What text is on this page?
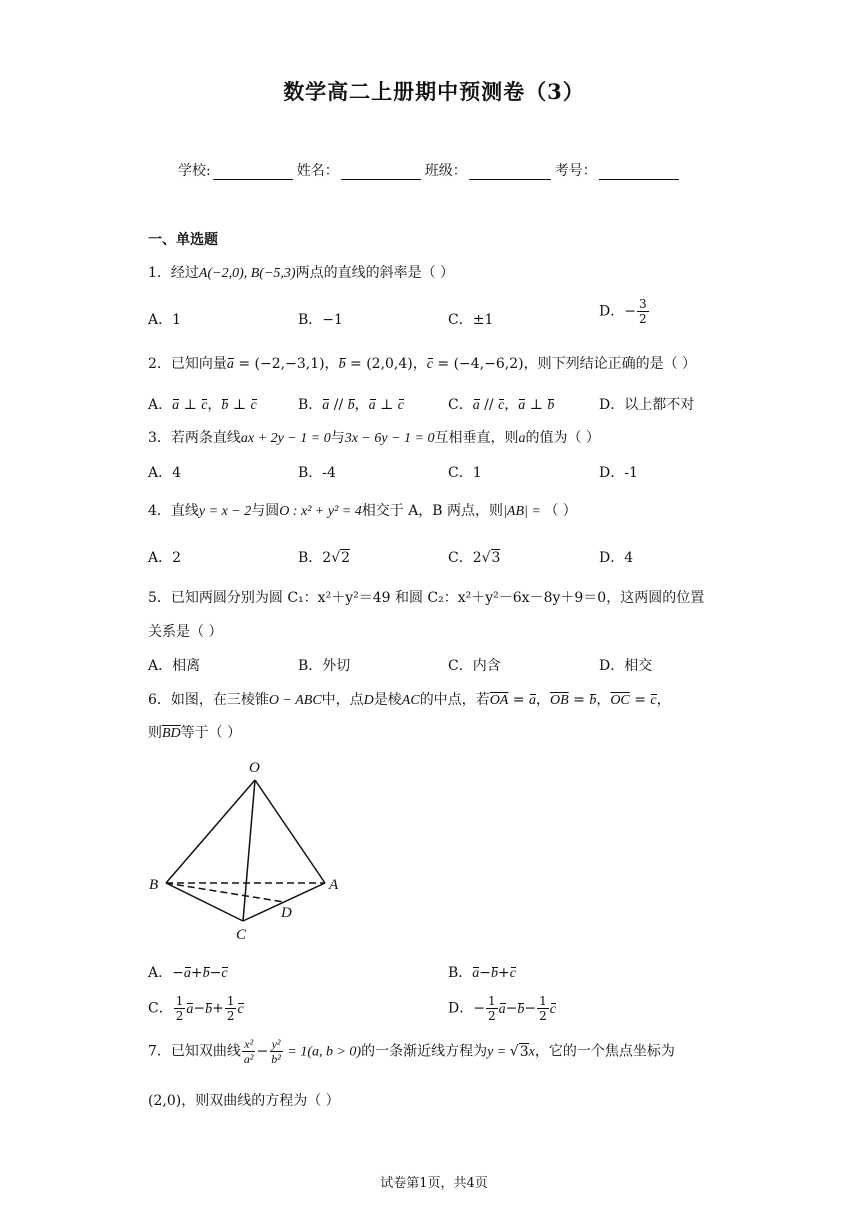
数学高二上册期中预测卷（3）
学校:	姓名：	班级：	考号：
一、单选题
1．经过A(−2,0), B(−5,3)两点的直线的斜率是（ ）
A．1	B．−1	C．±1
D．− $\frac{3}{2}$
2．已知向量a = (−2,−3,1)，b = (2,0,4)，c = (−4,−6,2)，则下列结论正确的是（ ）
A．a ⊥ c，b ⊥ c	B．a // b，a ⊥ c	C．a // c，a ⊥ b	D．以上都不对
3．若两条直线ax + 2y − 1 = 0与3x − 6y − 1 = 0互相垂直，则a的值为（ ）
A．4	B．-4	C．1	D．-1
4．直线y = x − 2与圆O : x² + y² = 4相交于 A，B 两点，则|AB| = （ ）
A．2	B．2√2	C．2√3	D．4
5．已知两圆分别为圆 C₁：x²＋y²＝49 和圆 C₂：x²＋y²－6x－8y＋9＝0，这两圆的位置
关系是（ ）
A．相离	B．外切	C．内含	D．相交
6．如图，在三棱锥O − ABC中，点D是棱AC的中点，若$\overline{OA} = a$，$\overline{OB} = b$，$\overline{OC} = c$，
则$\overline{BD}$等于（ ）
O
A
B
C
D
A．−a+b−c	B．a−b+c
C． $\frac{1}{2} a-b+ \frac{1}{2}$ c	D．− $\frac{1}{2} a-b- \frac{1}{2}$ c
7．已知双曲线 $\frac{\text{x²}}{\text{a²}} - \frac{\text{y²}}{\text{b²}} = 1(a$, b > 0)的一条渐近线方程为y = √3x，它的一个焦点坐标为
(2,0)，则双曲线的方程为（ ）
试卷第1页，共4页
